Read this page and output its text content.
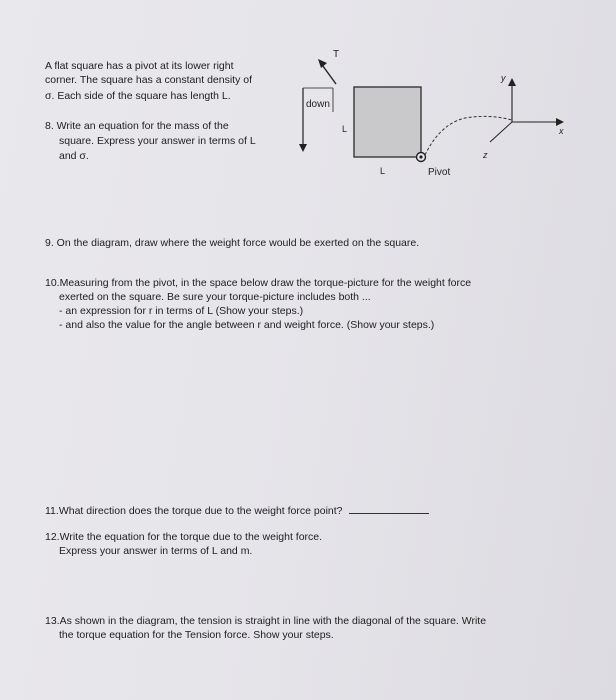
A flat square has a pivot at its lower right

corner. The square has a constant density of

σ. Each side of the square has length L.

8. Write an equation for the mass of the

square. Express your answer in terms of L

and σ.

T
down
L
L	Pivot
x
y
z

9. On the diagram, draw where the weight force would be exerted on the square.

10.Measuring from the pivot, in the space below draw the torque-picture for the weight force

exerted on the square. Be sure your torque-picture includes both ...

- an expression for r in terms of L (Show your steps.)

- and also the value for the angle between r and weight force. (Show your steps.)

11.What direction does the torque due to the weight force point?

12.Write the equation for the torque due to the weight force.

Express your answer in terms of L and m.

13.As shown in the diagram, the tension is straight in line with the diagonal of the square. Write

the torque equation for the Tension force. Show your steps.
